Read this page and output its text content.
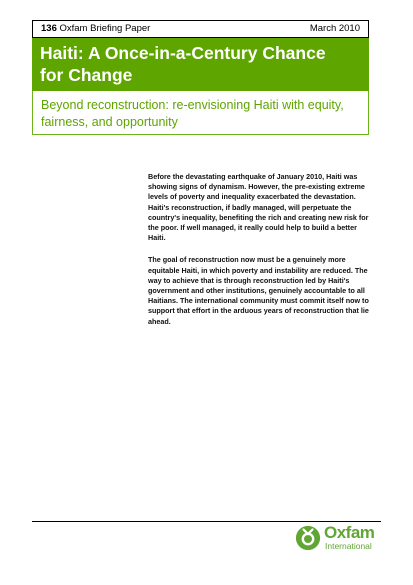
136 Oxfam Briefing Paper	March 2010
Haiti: A Once-in-a-Century Chance
for Change
Beyond reconstruction: re-envisioning Haiti with equity,
fairness, and opportunity

Before the devastating earthquake of January 2010, Haiti was
showing signs of dynamism. However, the pre-existing extreme
levels of poverty and inequality exacerbated the devastation.
Haiti's reconstruction, if badly managed, will perpetuate the
country's inequality, benefiting the rich and creating new risk for
the poor. If well managed, it really could help to build a better
Haiti.

The goal of reconstruction now must be a genuinely more
equitable Haiti, in which poverty and instability are reduced. The
way to achieve that is through reconstruction led by Haiti's
government and other institutions, genuinely accountable to all
Haitians. The international community must commit itself now to
support that effort in the arduous years of reconstruction that lie
ahead.

Oxfam
International
